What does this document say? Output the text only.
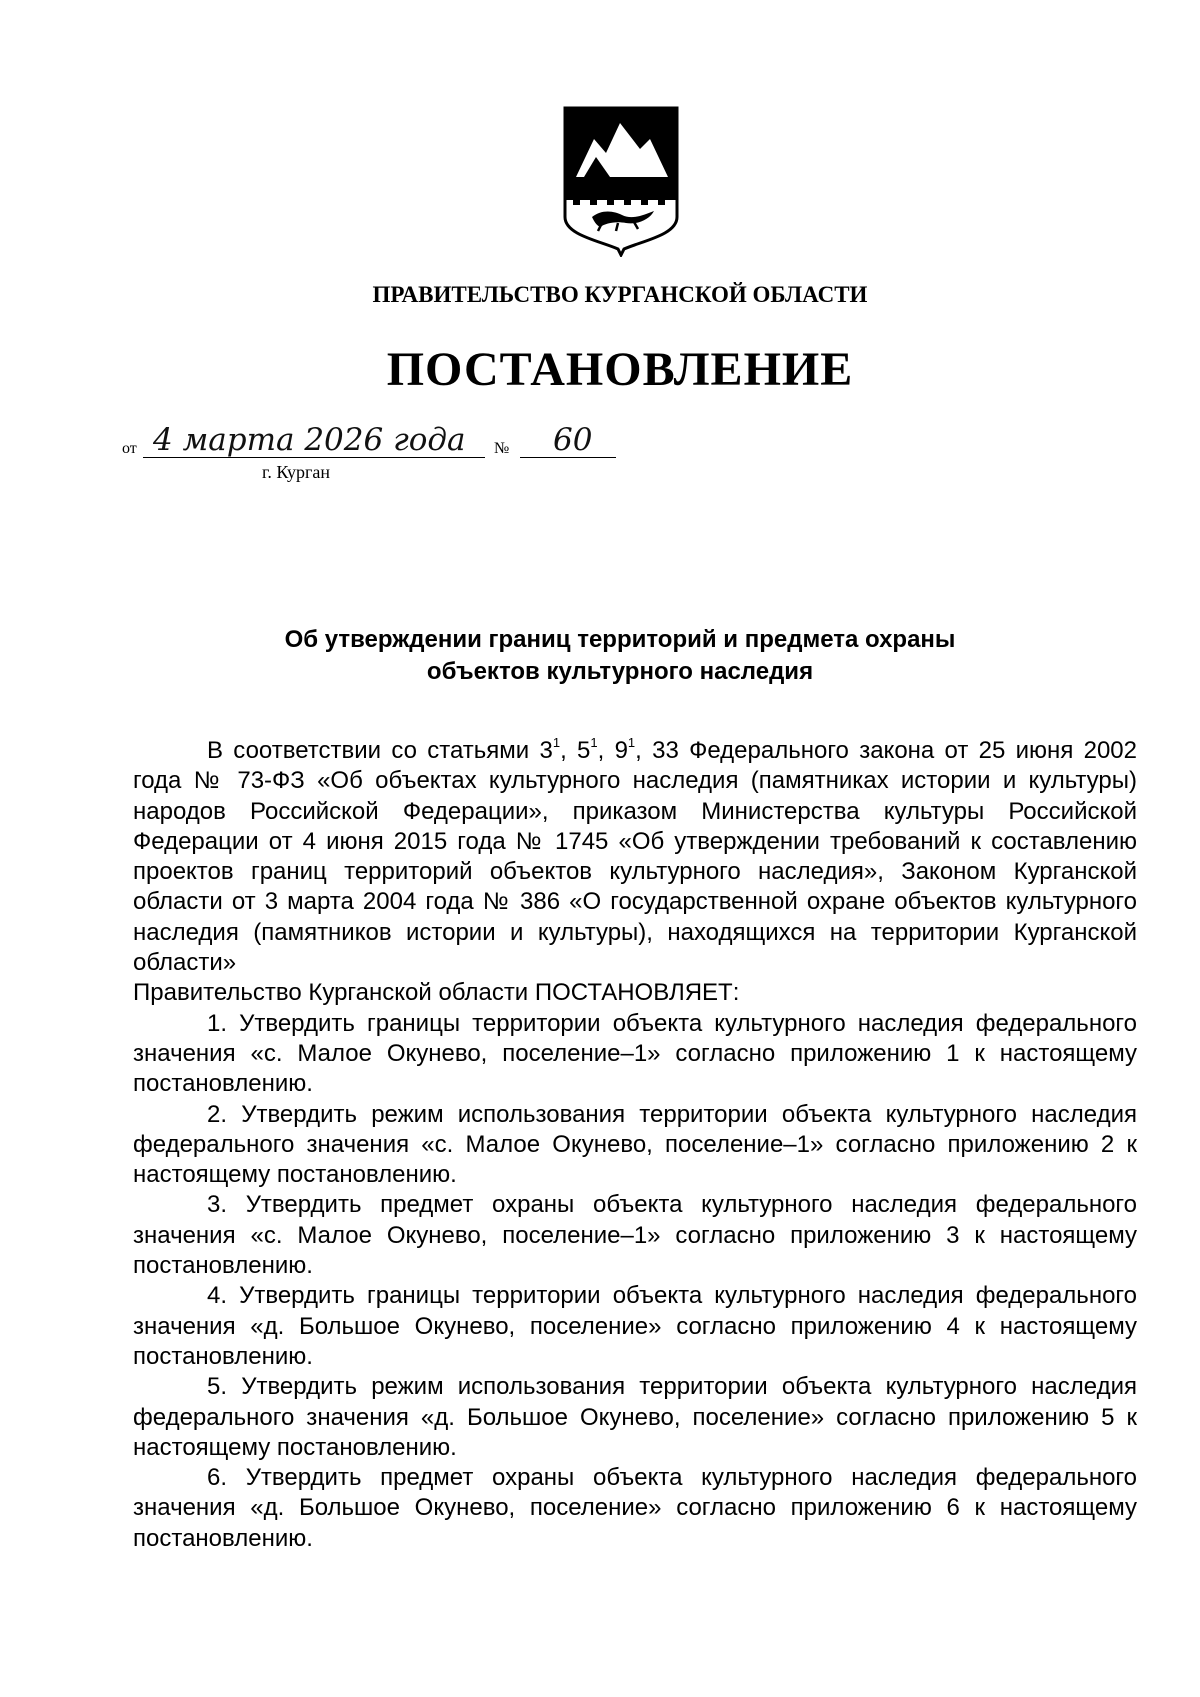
ПРАВИТЕЛЬСТВО КУРГАНСКОЙ ОБЛАСТИ
ПОСТАНОВЛЕНИЕ
от 4 марта 2026 года № 60
г. Курган
Об утверждении границ территорий и предмета охраны
объектов культурного наследия

В соответствии со статьями $3^1$, $5^1$, $9^1$, 33 Федерального закона от 25 июня 2002 года № 73-ФЗ «Об объектах культурного наследия (памятниках истории и культуры) народов Российской Федерации», приказом Министерства культуры Российской Федерации от 4 июня 2015 года № 1745 «Об утверждении требований к составлению проектов границ территорий объектов культурного наследия», Законом Курганской области от 3 марта 2004 года № 386 «О государственной охране объектов культурного наследия (памятников истории и культуры), находящихся на территории Курганской области»

Правительство Курганской области ПОСТАНОВЛЯЕТ:

1. Утвердить границы территории объекта культурного наследия федерального значения «с. Малое Окунево, поселение–1» согласно приложению 1 к настоящему постановлению.

2. Утвердить режим использования территории объекта культурного наследия федерального значения «с. Малое Окунево, поселение–1» согласно приложению 2 к настоящему постановлению.

3. Утвердить предмет охраны объекта культурного наследия федерального значения «с. Малое Окунево, поселение–1» согласно приложению 3 к настоящему постановлению.

4. Утвердить границы территории объекта культурного наследия федерального значения «д. Большое Окунево, поселение» согласно приложению 4 к настоящему постановлению.

5. Утвердить режим использования территории объекта культурного наследия федерального значения «д. Большое Окунево, поселение» согласно приложению 5 к настоящему постановлению.

6. Утвердить предмет охраны объекта культурного наследия федерального значения «д. Большое Окунево, поселение» согласно приложению 6 к настоящему постановлению.
